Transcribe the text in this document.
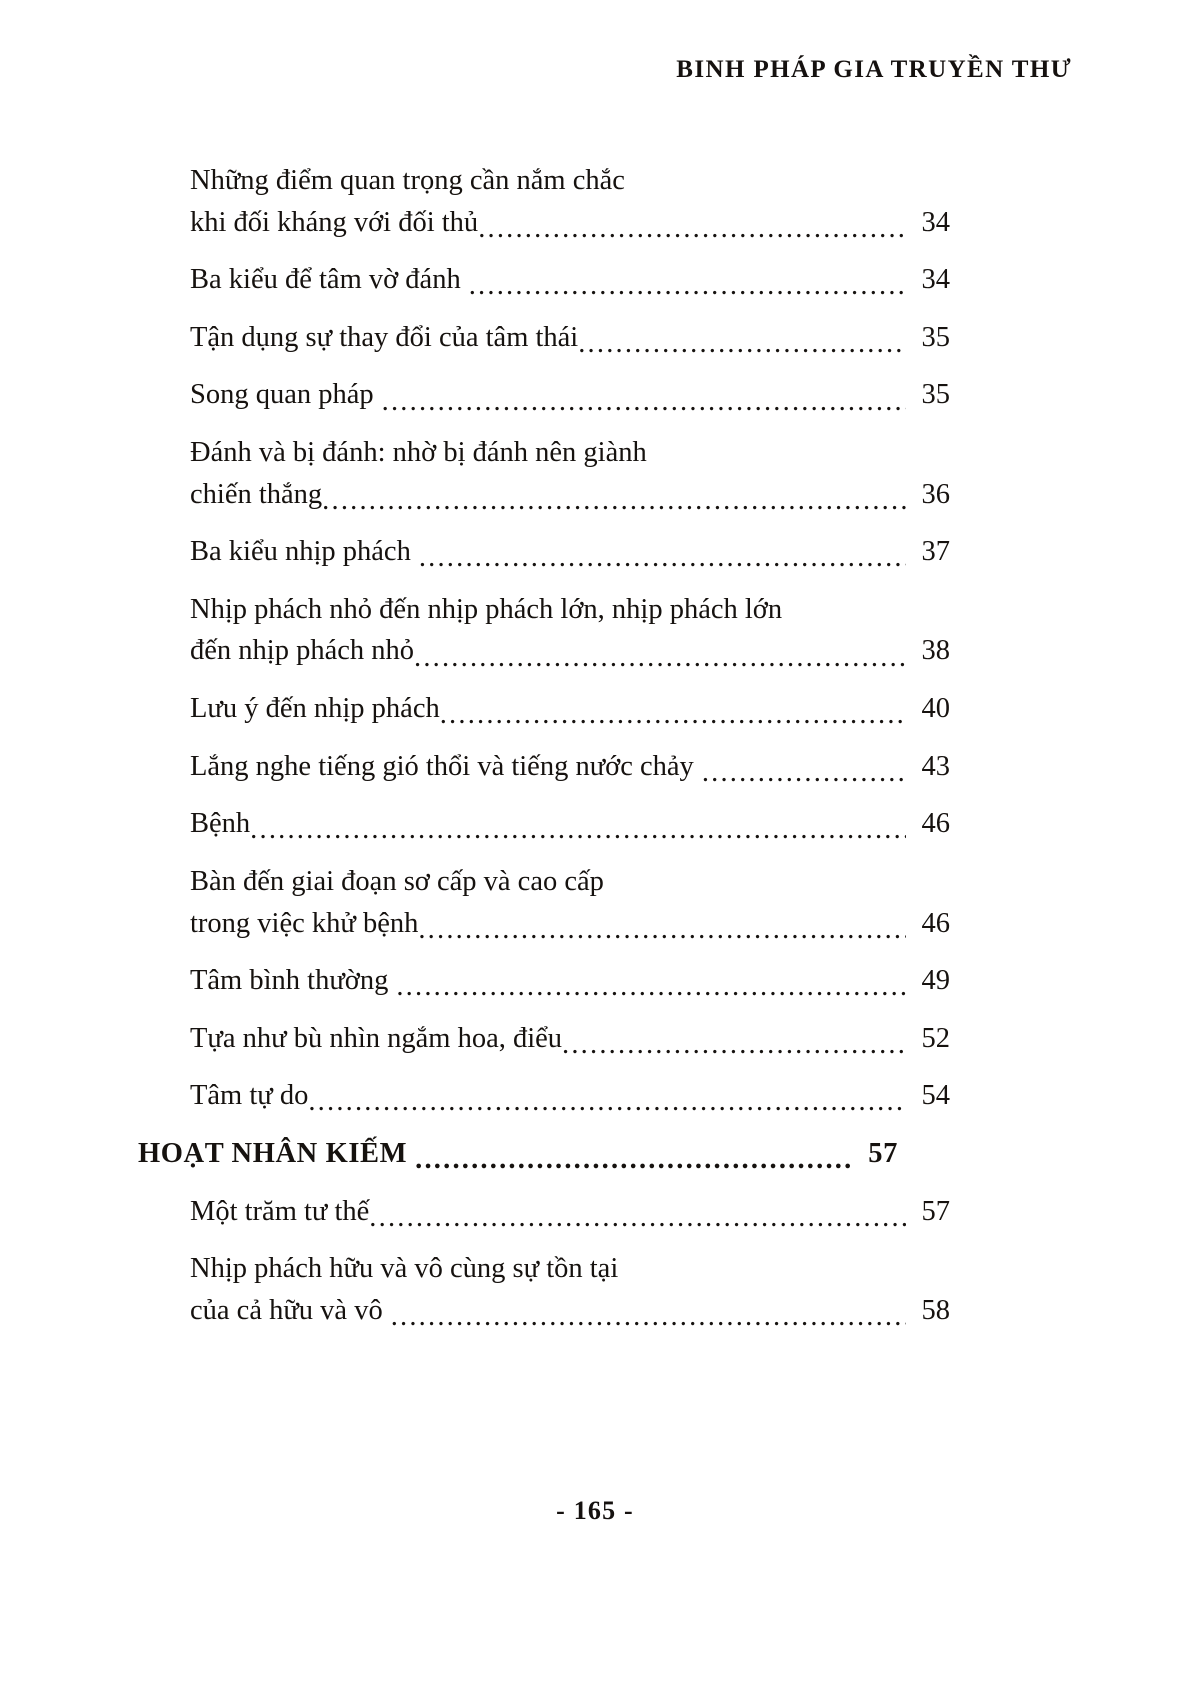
BINH PHÁP GIA TRUYỀN THƯ
Những điểm quan trọng cần nắm chắc
khi đối kháng với đối thủ .....	34
Ba kiểu để tâm vờ đánh .....	34
Tận dụng sự thay đổi của tâm thái .....	35
Song quan pháp .....	35
Đánh và bị đánh: nhờ bị đánh nên giành
chiến thắng .....	36
Ba kiểu nhịp phách .....	37
Nhịp phách nhỏ đến nhịp phách lớn, nhịp phách lớn
đến nhịp phách nhỏ .....	38
Lưu ý đến nhịp phách .....	40
Lắng nghe tiếng gió thổi và tiếng nước chảy .....	43
Bệnh .....	46
Bàn đến giai đoạn sơ cấp và cao cấp
trong việc khử bệnh .....	46
Tâm bình thường .....	49
Tựa như bù nhìn ngắm hoa, điểu .....	52
Tâm tự do .....	54
HOẠT NHÂN KIẾM .....	57
Một trăm tư thế .....	57
Nhịp phách hữu và vô cùng sự tồn tại
của cả hữu và vô .....	58
- 165 -
